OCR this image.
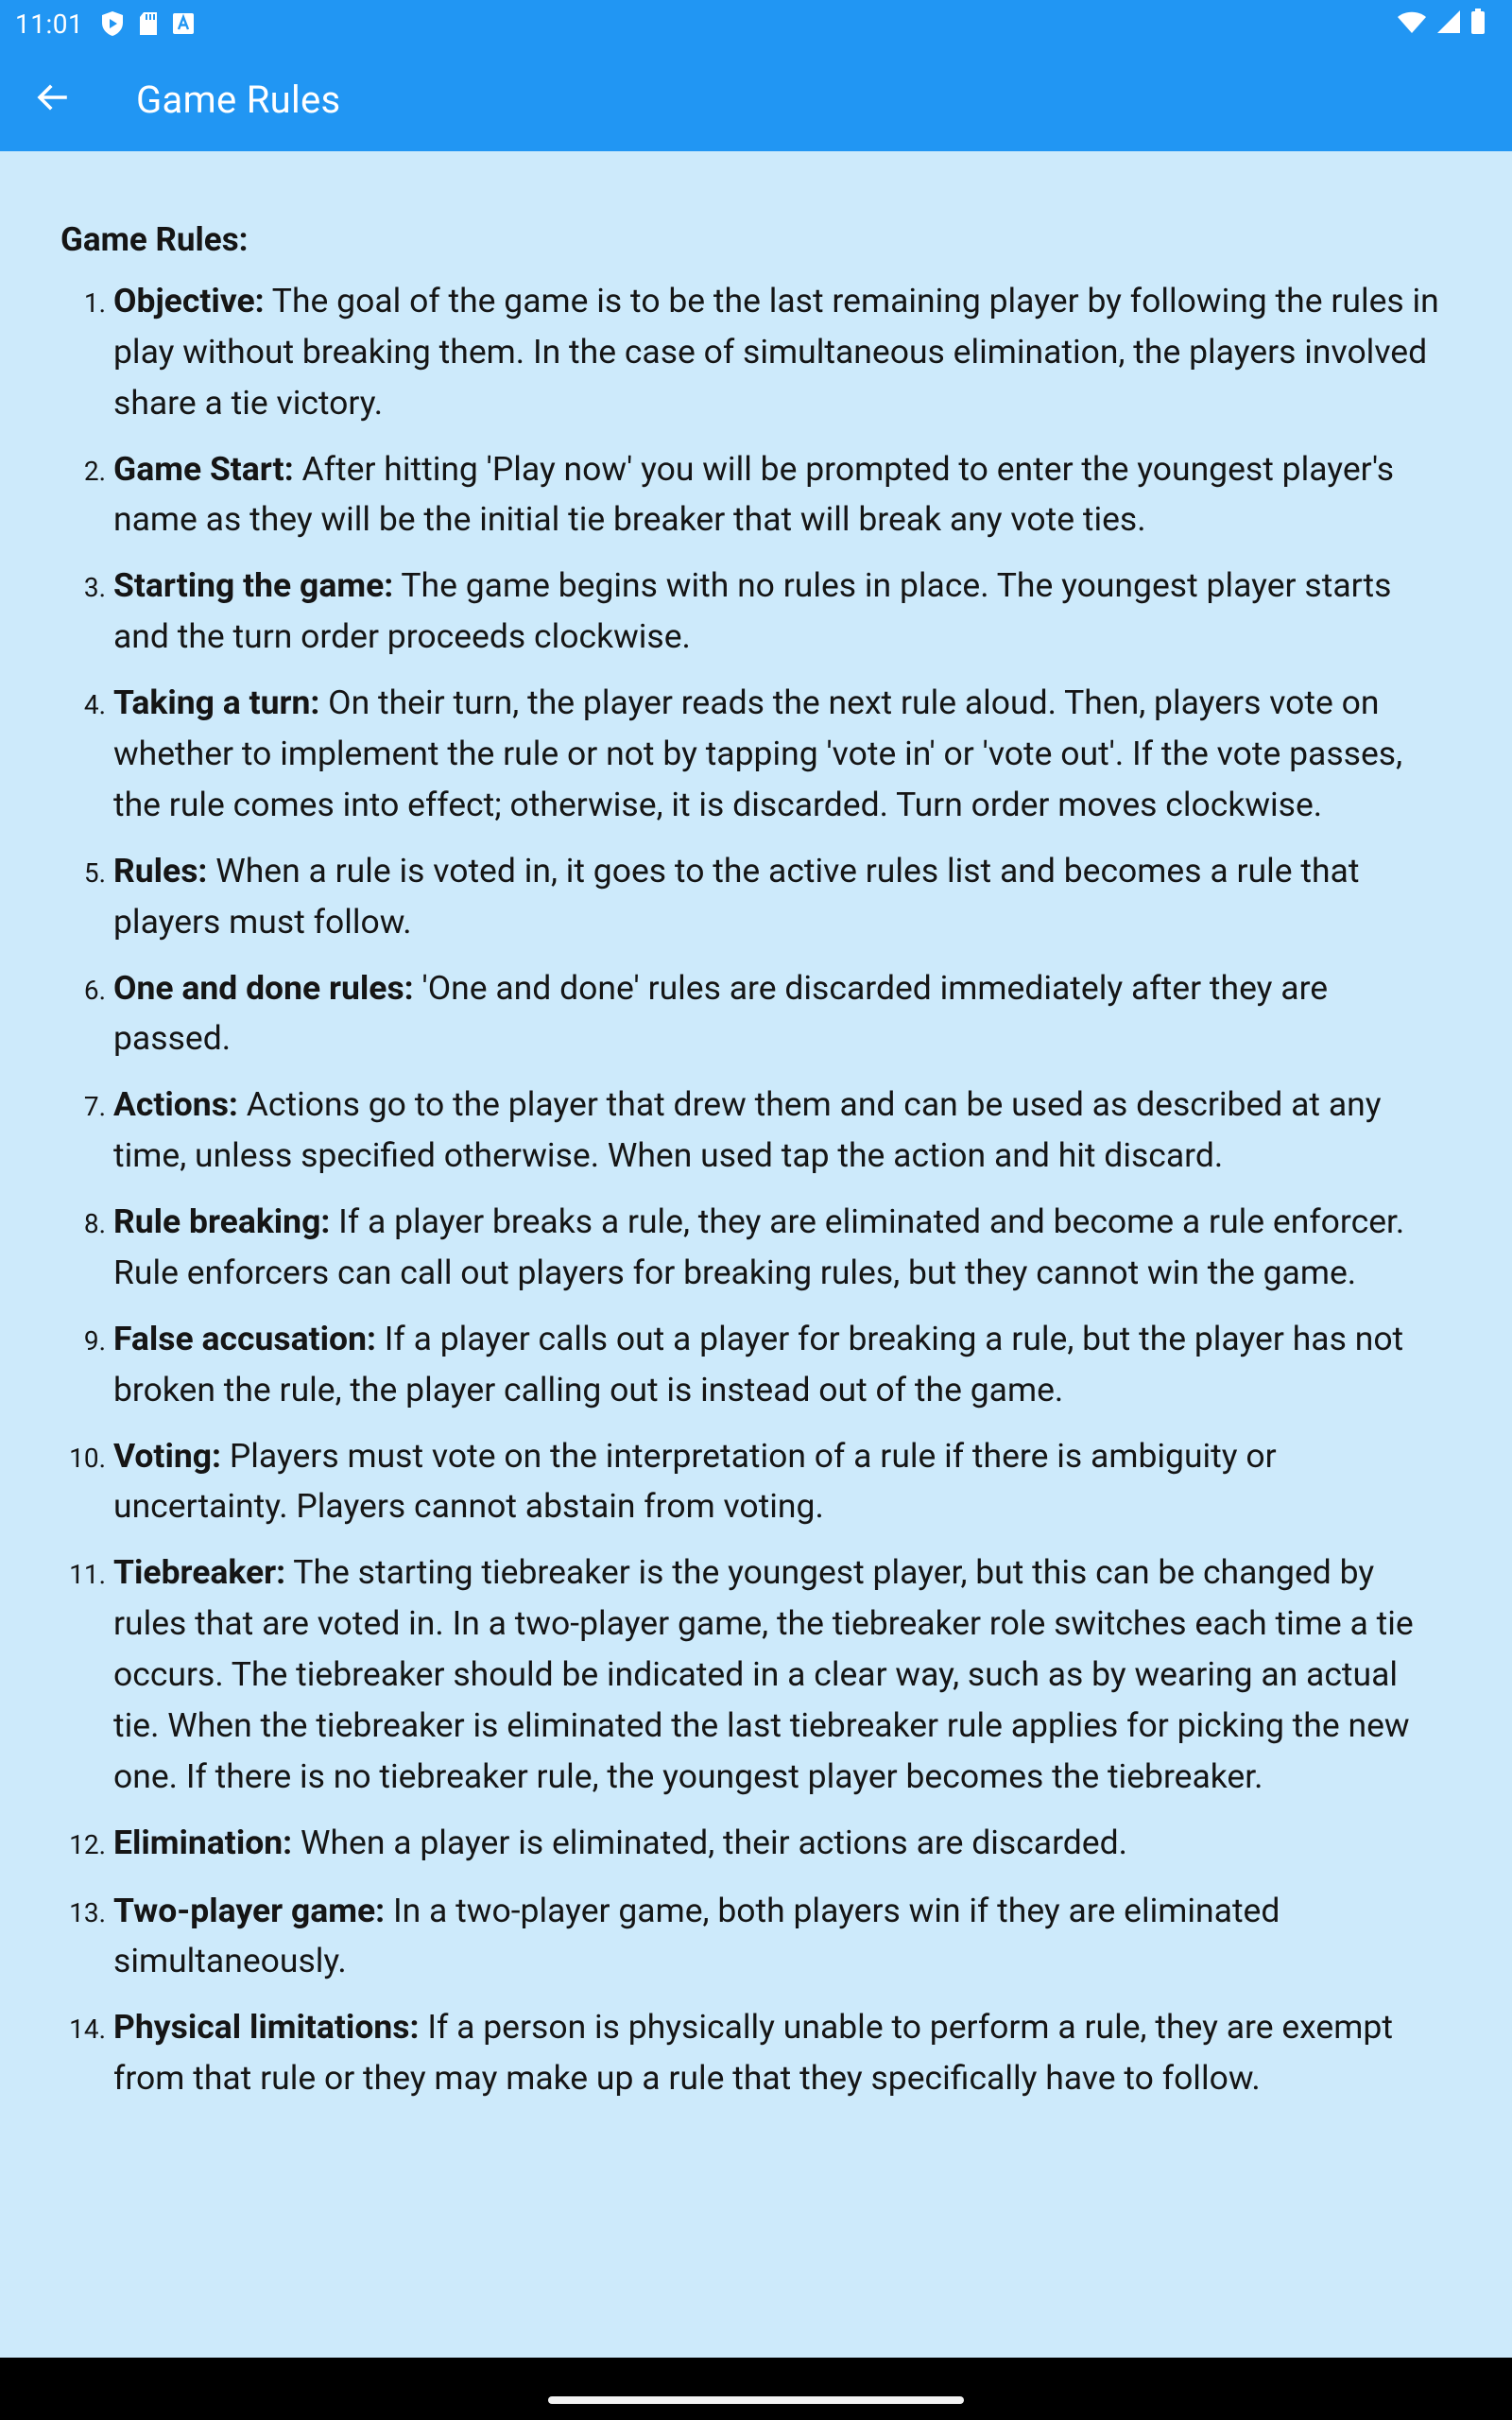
11:01
Game Rules
Game Rules:
1. Objective: The goal of the game is to be the last remaining player by following the rules in play without breaking them. In the case of simultaneous elimination, the players involved share a tie victory.
2. Game Start: After hitting 'Play now' you will be prompted to enter the youngest player's name as they will be the initial tie breaker that will break any vote ties.
3. Starting the game: The game begins with no rules in place. The youngest player starts and the turn order proceeds clockwise.
4. Taking a turn: On their turn, the player reads the next rule aloud. Then, players vote on whether to implement the rule or not by tapping 'vote in' or 'vote out'. If the vote passes, the rule comes into effect; otherwise, it is discarded. Turn order moves clockwise.
5. Rules: When a rule is voted in, it goes to the active rules list and becomes a rule that players must follow.
6. One and done rules: 'One and done' rules are discarded immediately after they are passed.
7. Actions: Actions go to the player that drew them and can be used as described at any time, unless specified otherwise. When used tap the action and hit discard.
8. Rule breaking: If a player breaks a rule, they are eliminated and become a rule enforcer. Rule enforcers can call out players for breaking rules, but they cannot win the game.
9. False accusation: If a player calls out a player for breaking a rule, but the player has not broken the rule, the player calling out is instead out of the game.
10. Voting: Players must vote on the interpretation of a rule if there is ambiguity or uncertainty. Players cannot abstain from voting.
11. Tiebreaker: The starting tiebreaker is the youngest player, but this can be changed by rules that are voted in. In a two-player game, the tiebreaker role switches each time a tie occurs. The tiebreaker should be indicated in a clear way, such as by wearing an actual tie. When the tiebreaker is eliminated the last tiebreaker rule applies for picking the new one. If there is no tiebreaker rule, the youngest player becomes the tiebreaker.
12. Elimination: When a player is eliminated, their actions are discarded.
13. Two-player game: In a two-player game, both players win if they are eliminated simultaneously.
14. Physical limitations: If a person is physically unable to perform a rule, they are exempt from that rule or they may make up a rule that they specifically have to follow.
